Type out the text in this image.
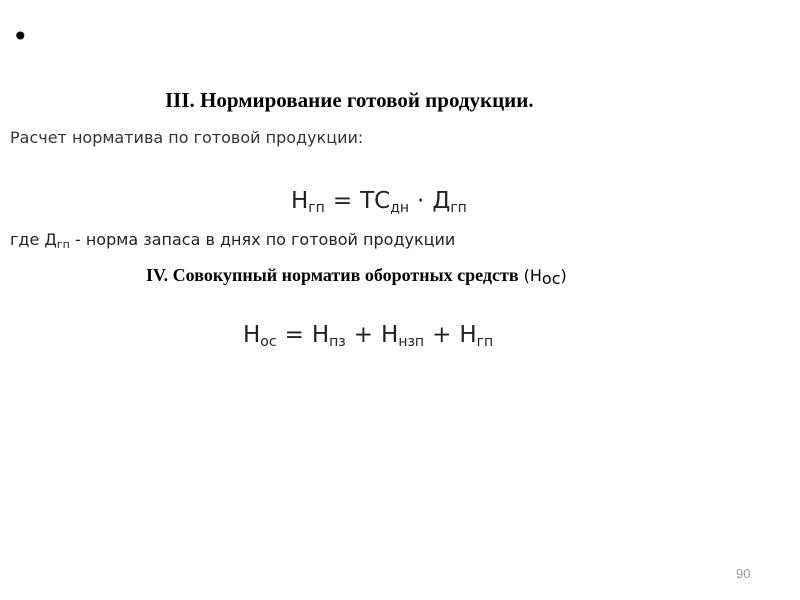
•
III. Нормирование готовой продукции.
Расчет норматива по готовой продукции:
$Н_{гп} = ТС_{дн} \cdot Д_{гп}$
где $Д_{гп}$ - норма запаса в днях по готовой продукции
IV. Совокупный норматив оборотных средств $(Н_{ос})$
$Н_{ос} = Н_{пз} + Н_{нзп} + Н_{гп}$
90
